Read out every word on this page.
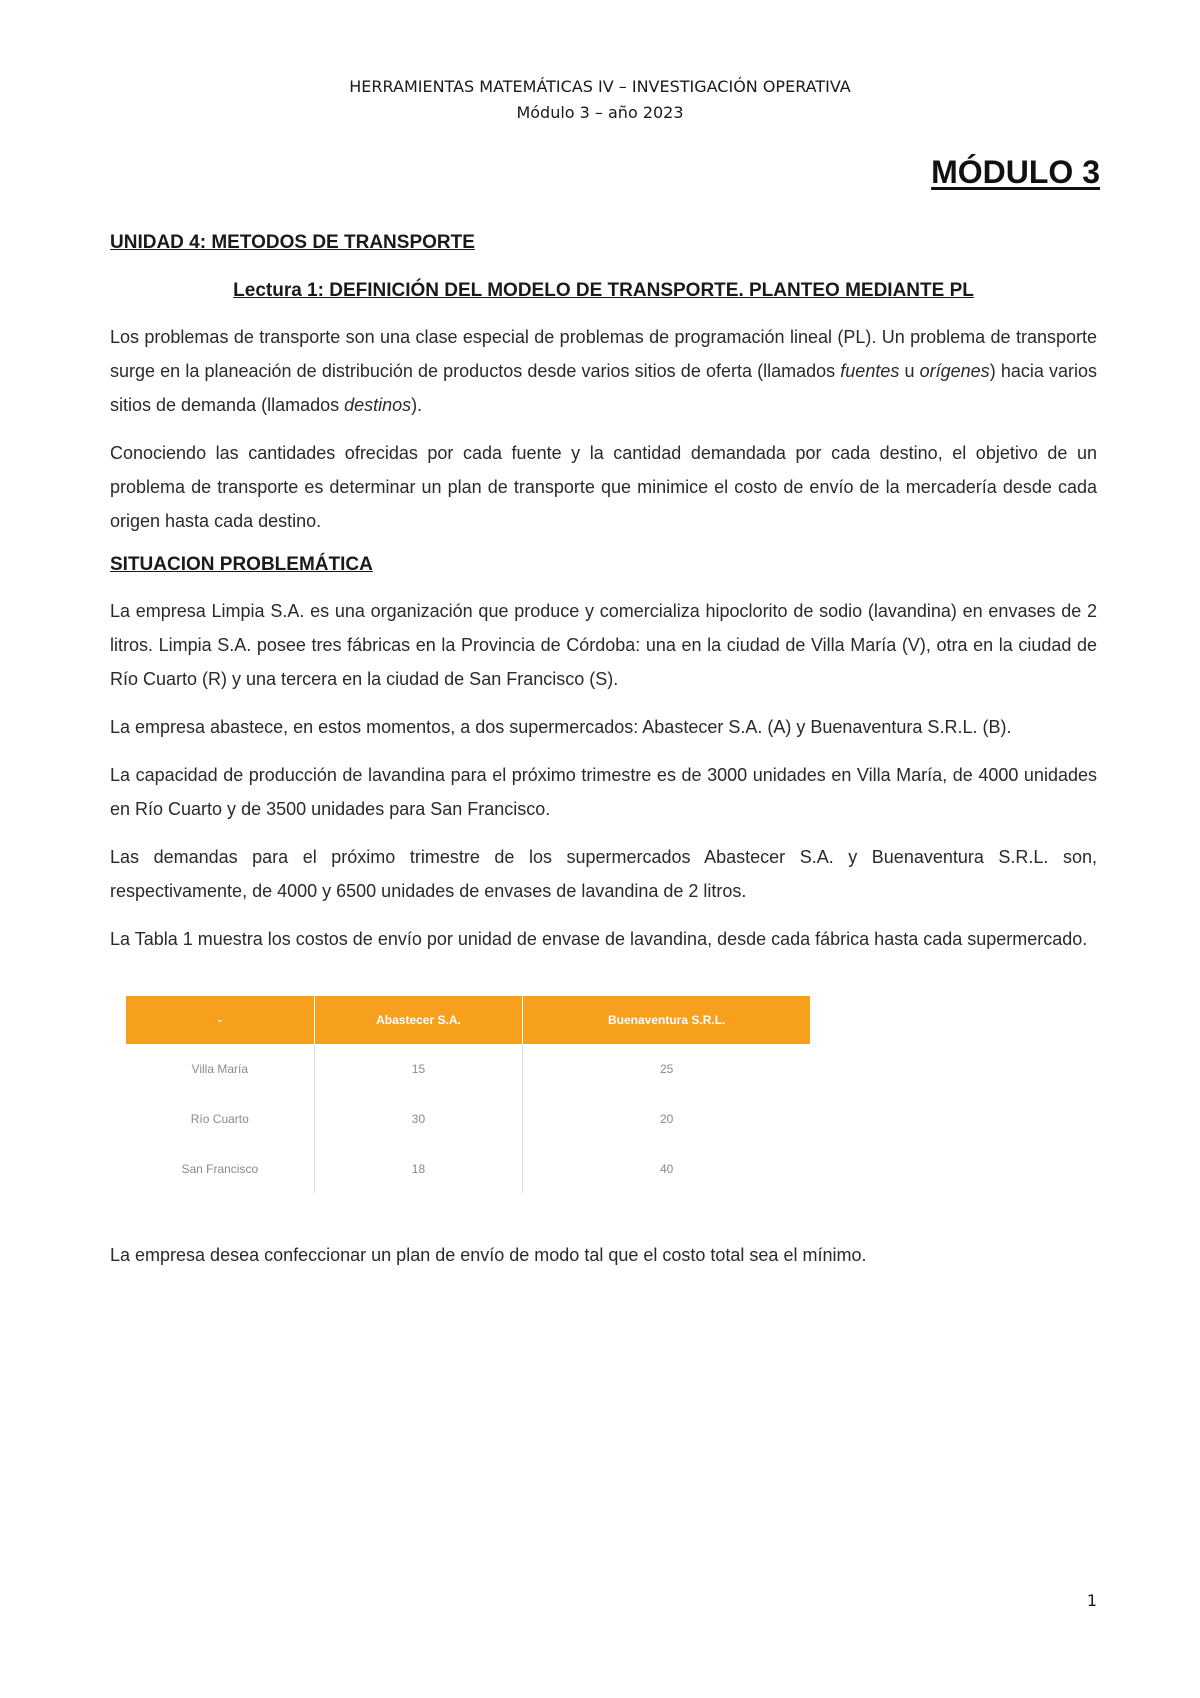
HERRAMIENTAS MATEMÁTICAS IV – INVESTIGACIÓN OPERATIVA
Módulo 3 – año 2023
MÓDULO 3
UNIDAD 4: METODOS DE TRANSPORTE
Lectura 1: DEFINICIÓN DEL MODELO DE TRANSPORTE. PLANTEO MEDIANTE PL

Los problemas de transporte son una clase especial de problemas de programación lineal (PL). Un problema de transporte surge en la planeación de distribución de productos desde varios sitios de oferta (llamados fuentes u orígenes) hacia varios sitios de demanda (llamados destinos).

Conociendo las cantidades ofrecidas por cada fuente y la cantidad demandada por cada destino, el objetivo de un problema de transporte es determinar un plan de transporte que minimice el costo de envío de la mercadería desde cada origen hasta cada destino.

SITUACION PROBLEMÁTICA

La empresa Limpia S.A. es una organización que produce y comercializa hipoclorito de sodio (lavandina) en envases de 2 litros. Limpia S.A. posee tres fábricas en la Provincia de Córdoba: una en la ciudad de Villa María (V), otra en la ciudad de Río Cuarto (R) y una tercera en la ciudad de San Francisco (S).

La empresa abastece, en estos momentos, a dos supermercados: Abastecer S.A. (A) y Buenaventura S.R.L. (B).

La capacidad de producción de lavandina para el próximo trimestre es de 3000 unidades en Villa María, de 4000 unidades en Río Cuarto y de 3500 unidades para San Francisco.

Las demandas para el próximo trimestre de los supermercados Abastecer S.A. y Buenaventura S.R.L. son, respectivamente, de 4000 y 6500 unidades de envases de lavandina de 2 litros.

La Tabla 1 muestra los costos de envío por unidad de envase de lavandina, desde cada fábrica hasta cada supermercado.

-	Abastecer S.A.	Buenaventura S.R.L.
Villa María	15	25
Río Cuarto	30	20
San Francisco	18	40

La empresa desea confeccionar un plan de envío de modo tal que el costo total sea el mínimo.

1
